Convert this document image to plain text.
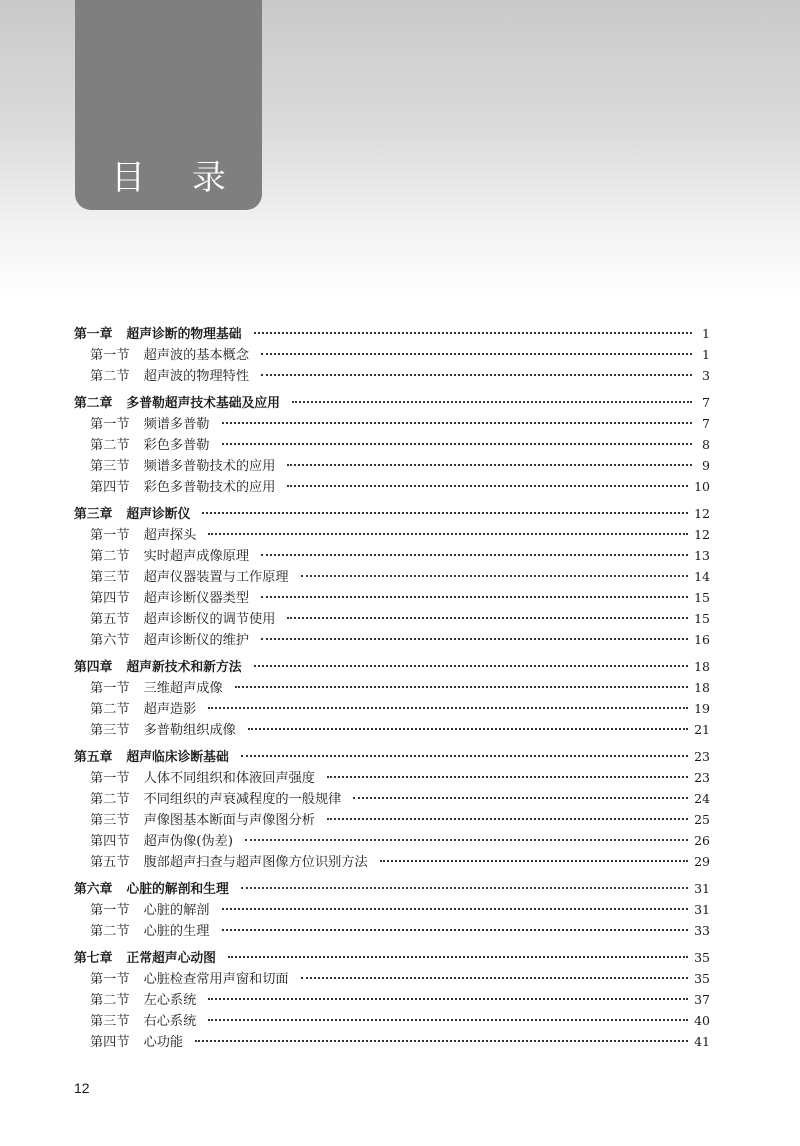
目 录
第一章 超声诊断的物理基础	1
第一节 超声波的基本概念	1
第二节 超声波的物理特性	3
第二章 多普勒超声技术基础及应用	7
第一节 频谱多普勒	7
第二节 彩色多普勒	8
第三节 频谱多普勒技术的应用	9
第四节 彩色多普勒技术的应用	10
第三章 超声诊断仪	12
第一节 超声探头	12
第二节 实时超声成像原理	13
第三节 超声仪器装置与工作原理	14
第四节 超声诊断仪器类型	15
第五节 超声诊断仪的调节使用	15
第六节 超声诊断仪的维护	16
第四章 超声新技术和新方法	18
第一节 三维超声成像	18
第二节 超声造影	19
第三节 多普勒组织成像	21
第五章 超声临床诊断基础	23
第一节 人体不同组织和体液回声强度	23
第二节 不同组织的声衰减程度的一般规律	24
第三节 声像图基本断面与声像图分析	25
第四节 超声伪像(伪差)	26
第五节 腹部超声扫查与超声图像方位识别方法	29
第六章 心脏的解剖和生理	31
第一节 心脏的解剖	31
第二节 心脏的生理	33
第七章 正常超声心动图	35
第一节 心脏检查常用声窗和切面	35
第二节 左心系统	37
第三节 右心系统	40
第四节 心功能	41
12
